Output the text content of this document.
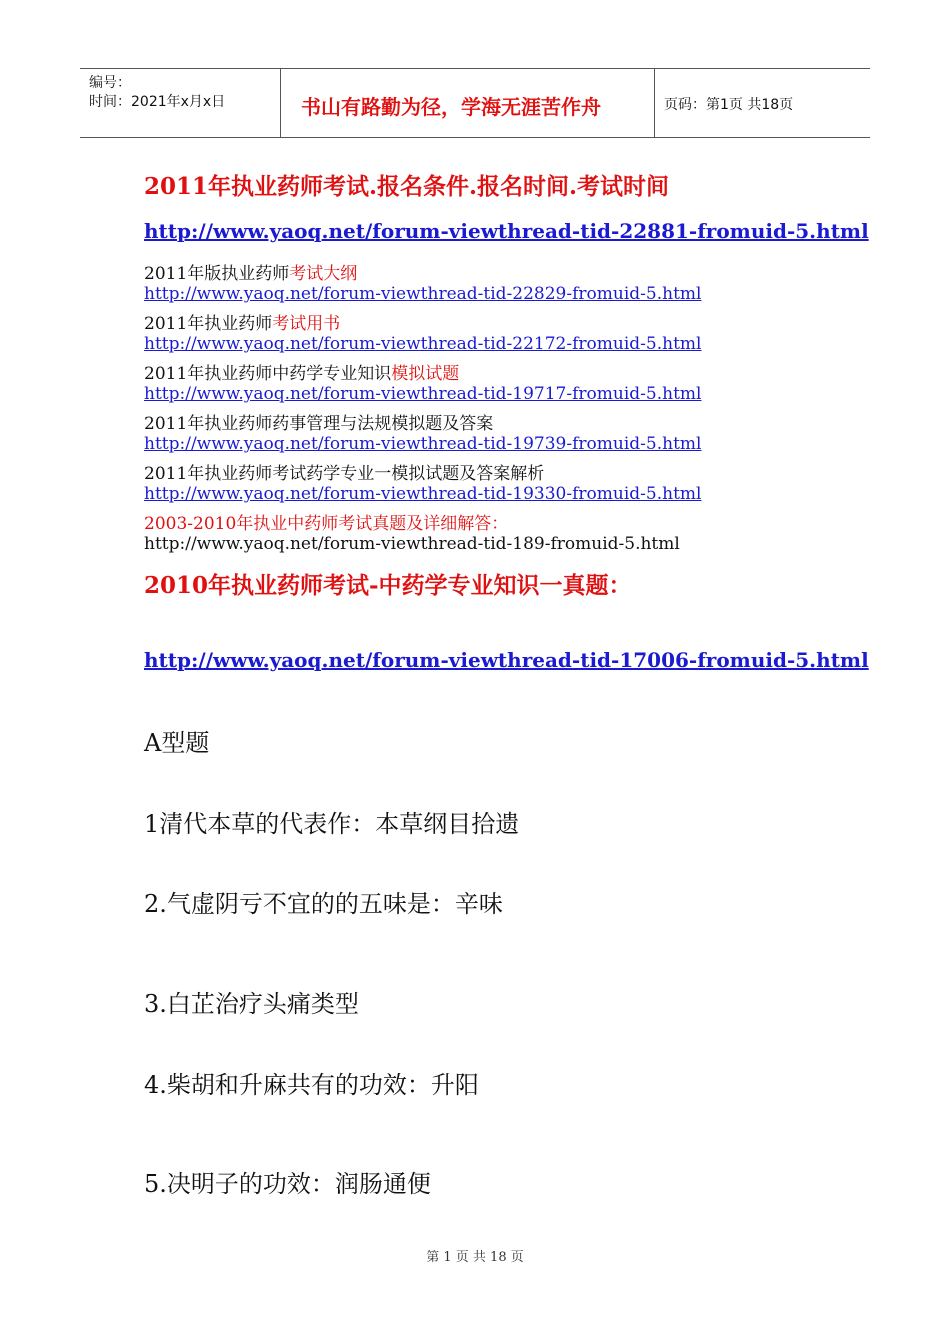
编号：
时间：2021年x月x日	书山有路勤为径，学海无涯苦作舟	页码：第1页 共18页
2011年执业药师考试.报名条件.报名时间.考试时间
http://www.yaoq.net/forum-viewthread-tid-22881-fromuid-5.html
2011年版执业药师考试大纲
http://www.yaoq.net/forum-viewthread-tid-22829-fromuid-5.html
2011年执业药师考试用书
http://www.yaoq.net/forum-viewthread-tid-22172-fromuid-5.html
2011年执业药师中药学专业知识模拟试题
http://www.yaoq.net/forum-viewthread-tid-19717-fromuid-5.html
2011年执业药师药事管理与法规模拟题及答案
http://www.yaoq.net/forum-viewthread-tid-19739-fromuid-5.html
2011年执业药师考试药学专业一模拟试题及答案解析
http://www.yaoq.net/forum-viewthread-tid-19330-fromuid-5.html
2003-2010年执业中药师考试真题及详细解答：
http://www.yaoq.net/forum-viewthread-tid-189-fromuid-5.html
2010年执业药师考试-中药学专业知识一真题：
http://www.yaoq.net/forum-viewthread-tid-17006-fromuid-5.html
A型题
1清代本草的代表作：本草纲目拾遗
2.气虚阴亏不宜的的五味是：辛味
3.白芷治疗头痛类型
4.柴胡和升麻共有的功效：升阳
5.决明子的功效：润肠通便
第 1 页 共 18 页
